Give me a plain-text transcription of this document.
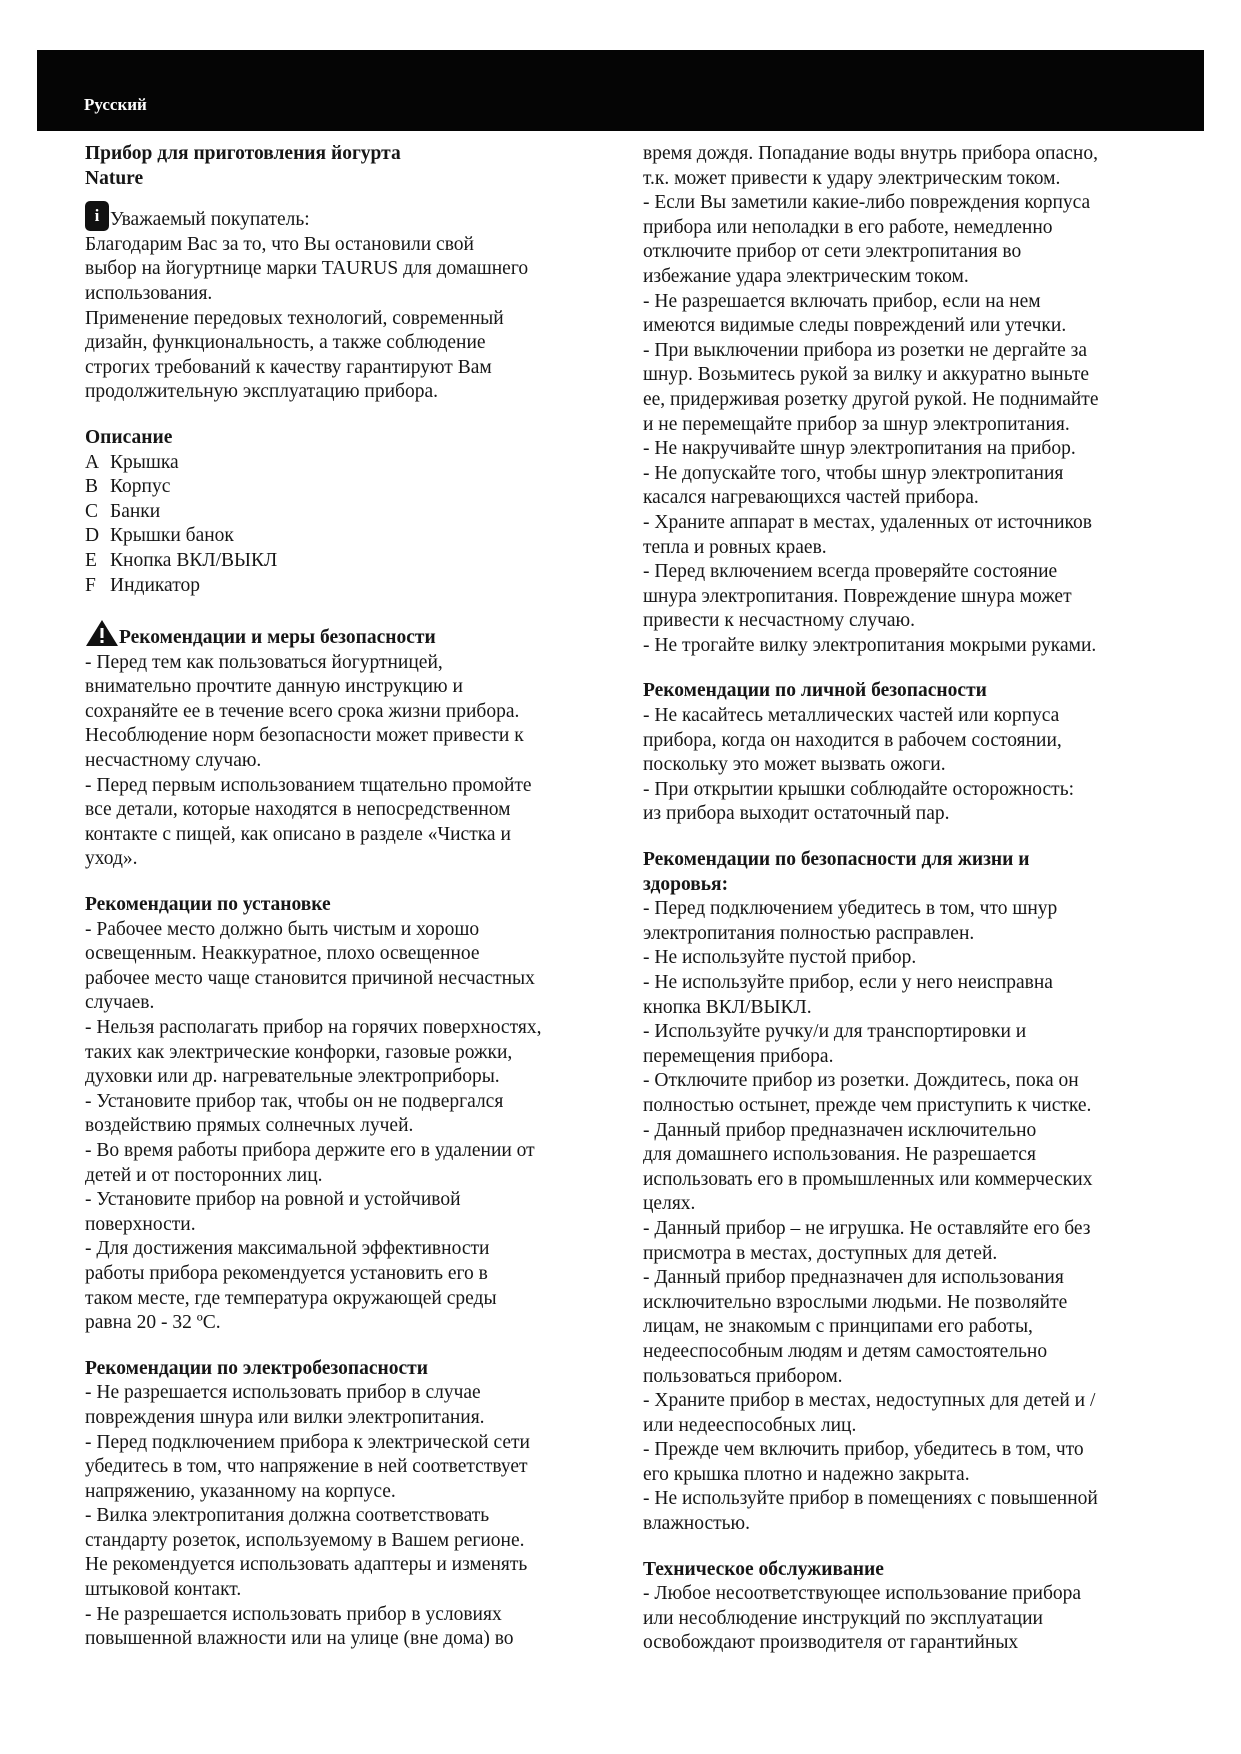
Русский

Прибор для приготовления йогурта

Nature

iУважаемый покупатель:

Благодарим Вас за то, что Вы остановили свой

выбор на йогуртнице марки TAURUS для домашнего

использования.

Применение передовых технологий, современный

дизайн, функциональность, а также соблюдение

строгих требований к качеству гарантируют Вам

продолжительную эксплуатацию прибора.

Описание

A Крышка

B Корпус

C Банки

D Крышки банок

E Кнопка ВКЛ/ВЫКЛ

F Индикатор

Рекомендации и меры безопасности

- Перед тем как пользоваться йогуртницей,

внимательно прочтите данную инструкцию и

сохраняйте ее в течение всего срока жизни прибора.

Несоблюдение норм безопасности может привести к

несчастному случаю.

- Перед первым использованием тщательно промойте

все детали, которые находятся в непосредственном

контакте с пищей, как описано в разделе «Чистка и

уход».

Рекомендации по установке

- Рабочее место должно быть чистым и хорошо

освещенным. Неаккуратное, плохо освещенное

рабочее место чаще становится причиной несчастных

случаев.

- Нельзя располагать прибор на горячих поверхностях,

таких как электрические конфорки, газовые рожки,

духовки или др. нагревательные электроприборы.

- Установите прибор так, чтобы он не подвергался

воздействию прямых солнечных лучей.

- Во время работы прибора держите его в удалении от

детей и от посторонних лиц.

- Установите прибор на ровной и устойчивой

поверхности.

- Для достижения максимальной эффективности

работы прибора рекомендуется установить его в

таком месте, где температура окружающей среды

равна 20 - 32 ºC.

Рекомендации по электробезопасности

- Не разрешается использовать прибор в случае

повреждения шнура или вилки электропитания.

- Перед подключением прибора к электрической сети

убедитесь в том, что напряжение в ней соответствует

напряжению, указанному на корпусе.

- Вилка электропитания должна соответствовать

стандарту розеток, используемому в Вашем регионе.

Не рекомендуется использовать адаптеры и изменять

штыковой контакт.

- Не разрешается использовать прибор в условиях

повышенной влажности или на улице (вне дома) во

время дождя. Попадание воды внутрь прибора опасно,

т.к. может привести к удару электрическим током.

- Если Вы заметили какие-либо повреждения корпуса

прибора или неполадки в его работе, немедленно

отключите прибор от сети электропитания во

избежание удара электрическим током.

- Не разрешается включать прибор, если на нем

имеются видимые следы повреждений или утечки.

- При выключении прибора из розетки не дергайте за

шнур. Возьмитесь рукой за вилку и аккуратно выньте

ее, придерживая розетку другой рукой. Не поднимайте

и не перемещайте прибор за шнур электропитания.

- Не накручивайте шнур электропитания на прибор.

- Не допускайте того, чтобы шнур электропитания

касался нагревающихся частей прибора.

- Храните аппарат в местах, удаленных от источников

тепла и ровных краев.

- Перед включением всегда проверяйте состояние

шнура электропитания. Повреждение шнура может

привести к несчастному случаю.

- Не трогайте вилку электропитания мокрыми руками.

Рекомендации по личной безопасности

- Не касайтесь металлических частей или корпуса

прибора, когда он находится в рабочем состоянии,

поскольку это может вызвать ожоги.

- При открытии крышки соблюдайте осторожность:

из прибора выходит остаточный пар.

Рекомендации по безопасности для жизни и

здоровья:

- Перед подключением убедитесь в том, что шнур

электропитания полностью расправлен.

- Не используйте пустой прибор.

- Не используйте прибор, если у него неисправна

кнопка ВКЛ/ВЫКЛ.

- Используйте ручку/и для транспортировки и

перемещения прибора.

- Отключите прибор из розетки. Дождитесь, пока он

полностью остынет, прежде чем приступить к чистке.

- Данный прибор предназначен исключительно

для домашнего использования. Не разрешается

использовать его в промышленных или коммерческих

целях.

- Данный прибор – не игрушка. Не оставляйте его без

присмотра в местах, доступных для детей.

- Данный прибор предназначен для использования

исключительно взрослыми людьми. Не позволяйте

лицам, не знакомым с принципами его работы,

недееспособным людям и детям самостоятельно

пользоваться прибором.

- Храните прибор в местах, недоступных для детей и /

или недееспособных лиц.

- Прежде чем включить прибор, убедитесь в том, что

его крышка плотно и надежно закрыта.

- Не используйте прибор в помещениях с повышенной

влажностью.

Техническое обслуживание

- Любое несоответствующее использование прибора

или несоблюдение инструкций по эксплуатации

освобождают производителя от гарантийных
